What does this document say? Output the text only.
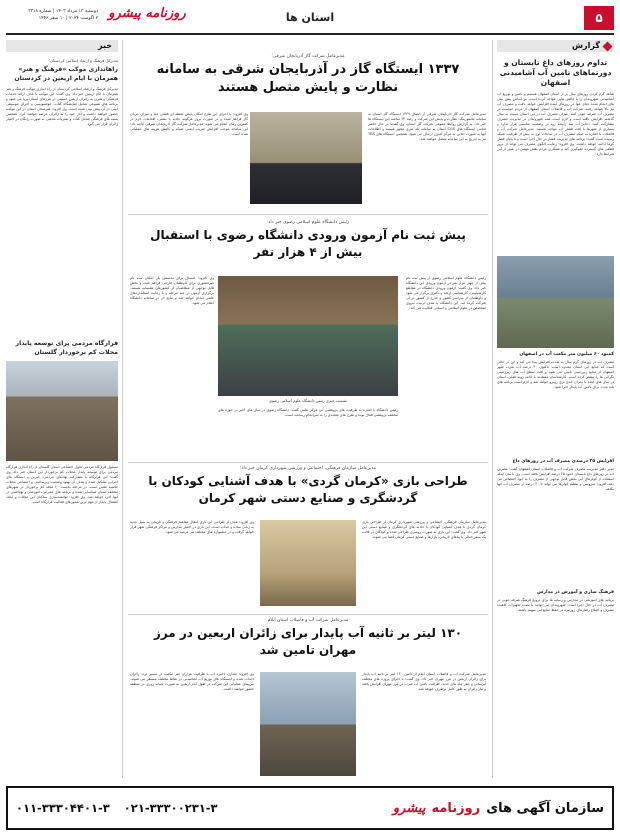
۵
استان ها
روزنامه پیشرو
دوشنبه ۱۳ مرداد ۱۴۰۳ | شماره ۳۳۱۸
۲ اگوست ۲۰۲۴ | ۱۰ صفر ۱۴۴۶
گزارش
تداوم روزهای داغ تابستان و دورتماهای تامین آب آشامیدنی اصفهان
شاهد گرم کردن روزهای سال پر از استان اصفهان هستیم و تامین و توزیع آب آشامیدنی شهروندان را با چالش هایی مواجه کرده است. بر اساس پیش بینی های انجام شده دمای هوا در روزهای آینده افزایش خواهد یافت و مصرف آب نیز بالا خواهد رفت. شرکت آب و فاضلاب استان اصفهان از مردم خواست در مصرف آب صرفه جویی کنند. میزان مصرف آب در این استان نسبت به سال گذشته افزایش یافته است و لازم است همه شهروندان در مدیریت مصرف مشارکت کنند. ذخایر آب سد زاینده رود در وضعیت مناسبی قرار ندارد و بسیاری از شهرها با افت فشار آب مواجه هستند. مدیرعامل شرکت آب و فاضلاب با اشاره به اینکه مصرف آب در ساعات اوج به بیش از ظرفیت شبکه رسیده است گفت: برنامه های مدیریت فشار در حال اجرا است و تا پایان فصل گرما ادامه خواهد داشت. وی افزود: رعایت الگوی مصرف می تواند از بروز قطعی های گسترده جلوگیری کند و همکاری مردم نقش مهمی در عبور از این شرایط دارد.
کمبود ۶۰ میلیون متر مکعب آب در اصفهان
مصرف آب در روزهای گرم سال به شدت افزایش پیدا می کند و این در حالی است که منابع آبی استان محدود است. تاکنون ۴۰ درصد آب شرب شهر اصفهان از منابع زیرزمینی تامین می شود و افت سطح آب های زیرزمینی نگرانی ها را بیشتر کرده است. کارشناسان معتقدند با ادامه روند فعلی، استان در سال های آینده با بحران جدی تری روبرو خواهد شد و لازم است برنامه های بلند مدت برای تامین آب پایدار اجرا شود.
افزایش ۲۵ درصدی مصرف آب در روزهای داغ
مدیر دفتر مدیریت مصرف شرکت آب و فاضلاب استان اصفهان گفت: مصرف آب در روزهای داغ تابستان حدود ۲۵ درصد افزایش یافته است. وی با بیان اینکه استفاده از کولرهای آبی بخش قابل توجهی از مصرف را به خود اختصاص می دهد، افزود: سرویس و تنظیم کولرها می تواند تا ۳۰ درصد از مصرف آب آنها بکاهد.
فرهنگ سازی و آموزش در مدارس
برنامه های آموزشی در مدارس و رسانه ها برای ترویج فرهنگ صرفه جویی در مصرف آب در حال اجرا است. شهروندان می توانند با نصب تجهیزات کاهنده مصرف و اصلاح رفتارهای روزمره در حفظ منابع آبی سهیم باشند.
خبر
مدیرکل فرهنگ و ارشاد اسلامی کردستان:
راهاندازی موکب «فرهنگ و هنر» همزمان با ایام اربعین در کردستان
مدیرکل فرهنگ و ارشاد اسلامی کردستان از راه اندازی موکب فرهنگ و هنر همزمان با ایام اربعین خبر داد. وی گفت: این موکب با هدف ارائه خدمات فرهنگی و هنری به زائران اربعین حسینی در مرزهای استان برپا می شود و برنامه های متنوعی شامل نمایشگاه کتاب، خوشنویسی و اجرای موسیقی آیینی در آن پیش بینی شده است. وی افزود: هنرمندان استان در این موکب حضور خواهند داشت و آثار خود را به زائران عرضه خواهند کرد. همچنین بسته های فرهنگی شامل کتاب و نشریات مذهبی به صورت رایگان در اختیار زائران قرار می گیرد.
قرارگاه مردمی برای توسعه پایدار محلات کم برخوردار گلستان
مسئول قرارگاه مردمی تحول اجتماعی استان گلستان از راه اندازی قرارگاه مردمی برای توسعه پایدار محلات کم برخوردار این استان خبر داد. وی گفت: این قرارگاه با مشارکت نهادهای مردمی، خیرین و دستگاه های اجرایی تشکیل شده و هدف آن بهبود وضعیت زیرساختی و اجتماعی محلات حاشیه نشین است. در مرحله نخست ۲۰ محله کم برخوردار در شهرهای مختلف استان شناسایی شده و برنامه های عمرانی، آموزشی و بهداشتی در آنها اجرا خواهد شد. وی افزود: توانمندسازی ساکنان این محلات و ایجاد اشتغال پایدار از مهم ترین محورهای فعالیت قرارگاه است.
مدیرعامل شرکت گاز آذربایجان شرقی:
۱۳۳۷ ایستگاه گاز در آذربایجان شرقی به سامانه نظارت و پایش متصل هستند
مدیرعامل شرکت گاز آذربایجان شرقی از اتصال ۱۳۳۷ ایستگاه گاز استان به سامانه مانیتورینگ، نظارت و پایش این شرکت و رصد ۲۴ ساعته این ایستگاه ها خبر داد. به گزارش روابط عمومی شرکت گاز استان، وی گفت: در حال حاضر تمامی ایستگاه های CGS استان به سامانه تله متری مجهز هستند و اطلاعات آنها به صورت آنلاین به مرکز کنترل ارسال می شود. همچنین ایستگاه های TBS نیز به تدریج به این سامانه متصل خواهند شد.
وی افزود: با اجرای این طرح امکان پایش لحظه ای فشار، دما و میزان جریان گاز فراهم شده و در صورت بروز هرگونه حادثه یا نشتی، اقدامات لازم در کمترین زمان انجام می شود. مدیرعامل شرکت گاز آذربایجان شرقی ادامه داد: این سامانه موجب افزایش ضریب ایمنی شبکه و کاهش هزینه های عملیاتی شده است.
رئیس دانشگاه علوم اسلامی رضوی خبر داد:
پیش ثبت نام آزمون ورودی دانشگاه رضوی با استقبال بیش از ۴ هزار نفر
رئیس دانشگاه علوم اسلامی رضوی از پیش ثبت نام بیش از چهار هزار نفر در آزمون ورودی این دانشگاه خبر داد. وی گفت: آزمون ورودی دانشگاه در مقاطع کارشناسی، کارشناسی ارشد و دکتری برگزار می شود و داوطلبان از سراسر کشور و خارج از کشور در آن شرکت کرده اند. این دانشگاه با هدف تربیت نیروی متخصص در علوم اسلامی و انسانی فعالیت می کند.
نشست خبری رئیس دانشگاه علوم اسلامی رضوی
رئیس دانشگاه با اشاره به ظرفیت های پژوهشی این مرکز علمی گفت: دانشگاه رضوی در سال های اخیر در حوزه های مختلف پژوهشی فعال بوده و طرح های متعددی را به سرانجام رسانده است.
وی افزود: امسال برای نخستین بار امکان ثبت نام غیرحضوری برای داوطلبان خارجی فراهم شده و بخش قابل توجهی از متقاضیان از کشورهای همسایه هستند. برگزاری آزمون در چند مرحله و با رعایت استانداردهای علمی انجام خواهد شد و نتایج آن در سامانه دانشگاه اعلام می شود.
مدیرعامل سازمان فرهنگی، اجتماعی و ورزشی شهرداری کرمان خبر داد:
طراحی بازی «کرمان گردی» با هدف آشنایی کودکان با گردشگری و صنایع دستی شهر کرمان
مدیرعامل سازمان فرهنگی، اجتماعی و ورزشی شهرداری کرمان از طراحی بازی کرمان گردی با هدف آشنایی کودکان با جاذبه های گردشگری و صنایع دستی این شهر خبر داد. وی گفت: این بازی به صورت رومیزی طراحی شده و کودکان در قالب یک سفر خیالی با بناهای تاریخی، بازارها و صنایع دستی کرمان آشنا می شوند.
وی افزود: هدف از طراحی این بازی انتقال مفاهیم فرهنگی و تاریخی به نسل جدید به زبانی ساده و جذاب است. این بازی در اختیار مدارس و مراکز فرهنگی شهر قرار خواهد گرفت و در جشنواره های مختلف نیز عرضه می شود.
مدیرعامل شرکت آب و فاضلاب استان ایلام
۱۳۰ لیتر بر ثانیه آب پایدار برای زائران اربعین در مرز مهران تامین شد
مدیرعامل شرکت آب و فاضلاب استان ایلام از تامین ۱۳۰ لیتر بر ثانیه آب پایدار برای زائران اربعین در مرز مهران خبر داد. وی گفت: با اجرای پروژه های مختلف آبرسانی و حفر چاه های جدید، ظرفیت تامین آب شرب در مرز مهران افزایش یافته و نیاز زائران به طور کامل برطرف خواهد شد.
وی افزود: مخازن ذخیره آب با ظرفیت هزاران متر مکعب در مسیر تردد زائران احداث شده و ایستگاه های توزیع آب آشامیدنی در نقاط مختلف مستقر می شوند. نیروهای عملیاتی این شرکت در طول ایام اربعین به صورت شبانه روزی در منطقه حضور خواهند داشت.
سازمان آگهی های
روزنامه
پیشرو
۰۱۱-۳۳۳۰۴۴۰۱-۳ ۰۲۱-۳۳۳۰۰۲۳۱-۳
